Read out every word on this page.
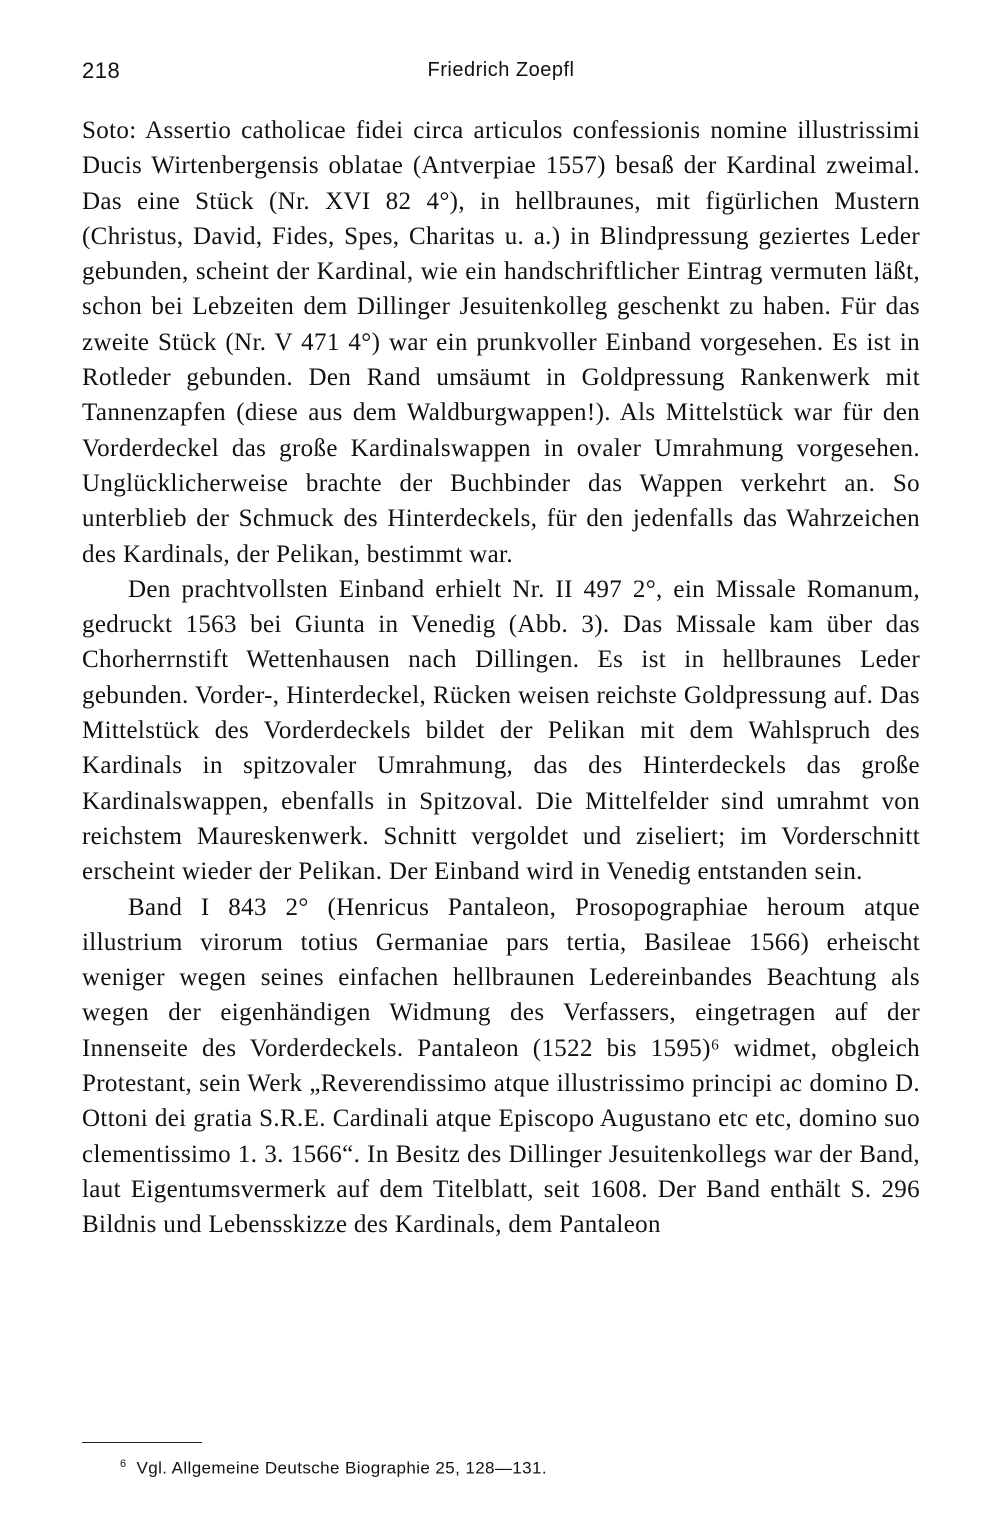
218	Friedrich Zoepfl

Soto: Assertio catholicae fidei circa articulos confessionis nomine illustrissimi Ducis Wirtenbergensis oblatae (Antverpiae 1557) besaß der Kardinal zweimal. Das eine Stück (Nr. XVI 82 4°), in hellbraunes, mit figürlichen Mustern (Christus, David, Fides, Spes, Charitas u. a.) in Blindpressung geziertes Leder gebunden, scheint der Kardinal, wie ein handschriftlicher Eintrag vermuten läßt, schon bei Lebzeiten dem Dillinger Jesuitenkolleg geschenkt zu haben. Für das zweite Stück (Nr. V 471 4°) war ein prunkvoller Einband vorgesehen. Es ist in Rotleder gebunden. Den Rand umsäumt in Goldpressung Rankenwerk mit Tannenzapfen (diese aus dem Waldburgwappen!). Als Mittelstück war für den Vorderdeckel das große Kardinalswappen in ovaler Umrahmung vorgesehen. Unglücklicherweise brachte der Buchbinder das Wappen verkehrt an. So unterblieb der Schmuck des Hinterdeckels, für den jedenfalls das Wahrzeichen des Kardinals, der Pelikan, bestimmt war.

Den prachtvollsten Einband erhielt Nr. II 497 2°, ein Missale Romanum, gedruckt 1563 bei Giunta in Venedig (Abb. 3). Das Missale kam über das Chorherrnstift Wettenhausen nach Dillingen. Es ist in hellbraunes Leder gebunden. Vorder-, Hinterdeckel, Rücken weisen reichste Goldpressung auf. Das Mittelstück des Vorderdeckels bildet der Pelikan mit dem Wahlspruch des Kardinals in spitzovaler Umrahmung, das des Hinterdeckels das große Kardinalswappen, ebenfalls in Spitzoval. Die Mittelfelder sind umrahmt von reichstem Maureskenwerk. Schnitt vergoldet und ziseliert; im Vorderschnitt erscheint wieder der Pelikan. Der Einband wird in Venedig entstanden sein.

Band I 843 2° (Henricus Pantaleon, Prosopographiae heroum atque illustrium virorum totius Germaniae pars tertia, Basileae 1566) erheischt weniger wegen seines einfachen hellbraunen Ledereinbandes Beachtung als wegen der eigenhändigen Widmung des Verfassers, eingetragen auf der Innenseite des Vorderdeckels. Pantaleon (1522 bis 1595)⁶ widmet, obgleich Protestant, sein Werk „Reverendissimo atque illustrissimo principi ac domino D. Ottoni dei gratia S.R.E. Cardinali atque Episcopo Augustano etc etc, domino suo clementissimo 1. 3. 1566“. In Besitz des Dillinger Jesuitenkollegs war der Band, laut Eigentumsvermerk auf dem Titelblatt, seit 1608. Der Band enthält S. 296 Bildnis und Lebensskizze des Kardinals, dem Pantaleon

$^6$ Vgl. Allgemeine Deutsche Biographie 25, 128—131.
